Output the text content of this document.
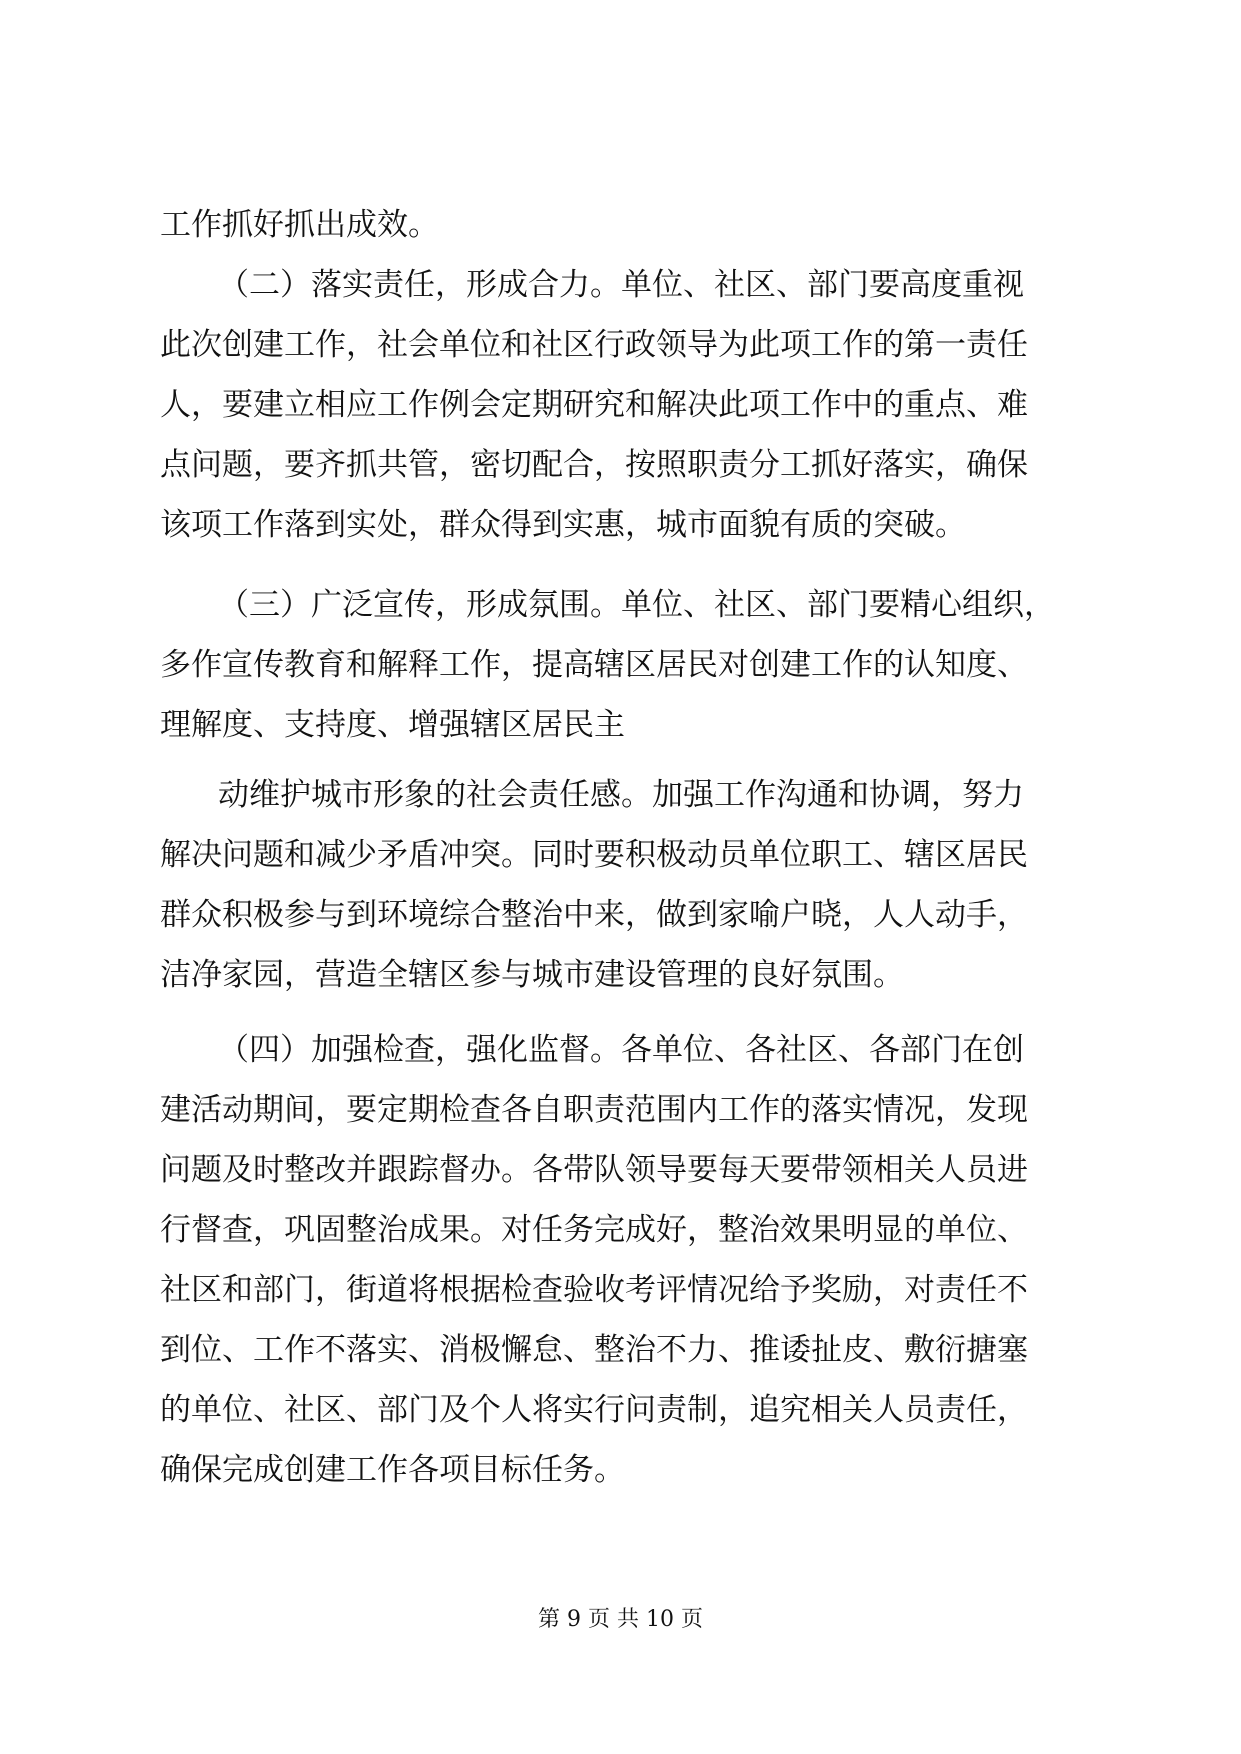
工作抓好抓出成效。
（二）落实责任，形成合力。单位、社区、部门要高度重视
此次创建工作，社会单位和社区行政领导为此项工作的第一责任
人，要建立相应工作例会定期研究和解决此项工作中的重点、难
点问题，要齐抓共管，密切配合，按照职责分工抓好落实，确保
该项工作落到实处，群众得到实惠，城市面貌有质的突破。
（三）广泛宣传，形成氛围。单位、社区、部门要精心组织，
多作宣传教育和解释工作，提高辖区居民对创建工作的认知度、
理解度、支持度、增强辖区居民主
动维护城市形象的社会责任感。加强工作沟通和协调，努力
解决问题和减少矛盾冲突。同时要积极动员单位职工、辖区居民
群众积极参与到环境综合整治中来，做到家喻户晓，人人动手，
洁净家园，营造全辖区参与城市建设管理的良好氛围。
（四）加强检查，强化监督。各单位、各社区、各部门在创
建活动期间，要定期检查各自职责范围内工作的落实情况，发现
问题及时整改并跟踪督办。各带队领导要每天要带领相关人员进
行督查，巩固整治成果。对任务完成好，整治效果明显的单位、
社区和部门，街道将根据检查验收考评情况给予奖励，对责任不
到位、工作不落实、消极懈怠、整治不力、推诿扯皮、敷衍搪塞
的单位、社区、部门及个人将实行问责制，追究相关人员责任，
确保完成创建工作各项目标任务。
第 9 页 共 10 页
